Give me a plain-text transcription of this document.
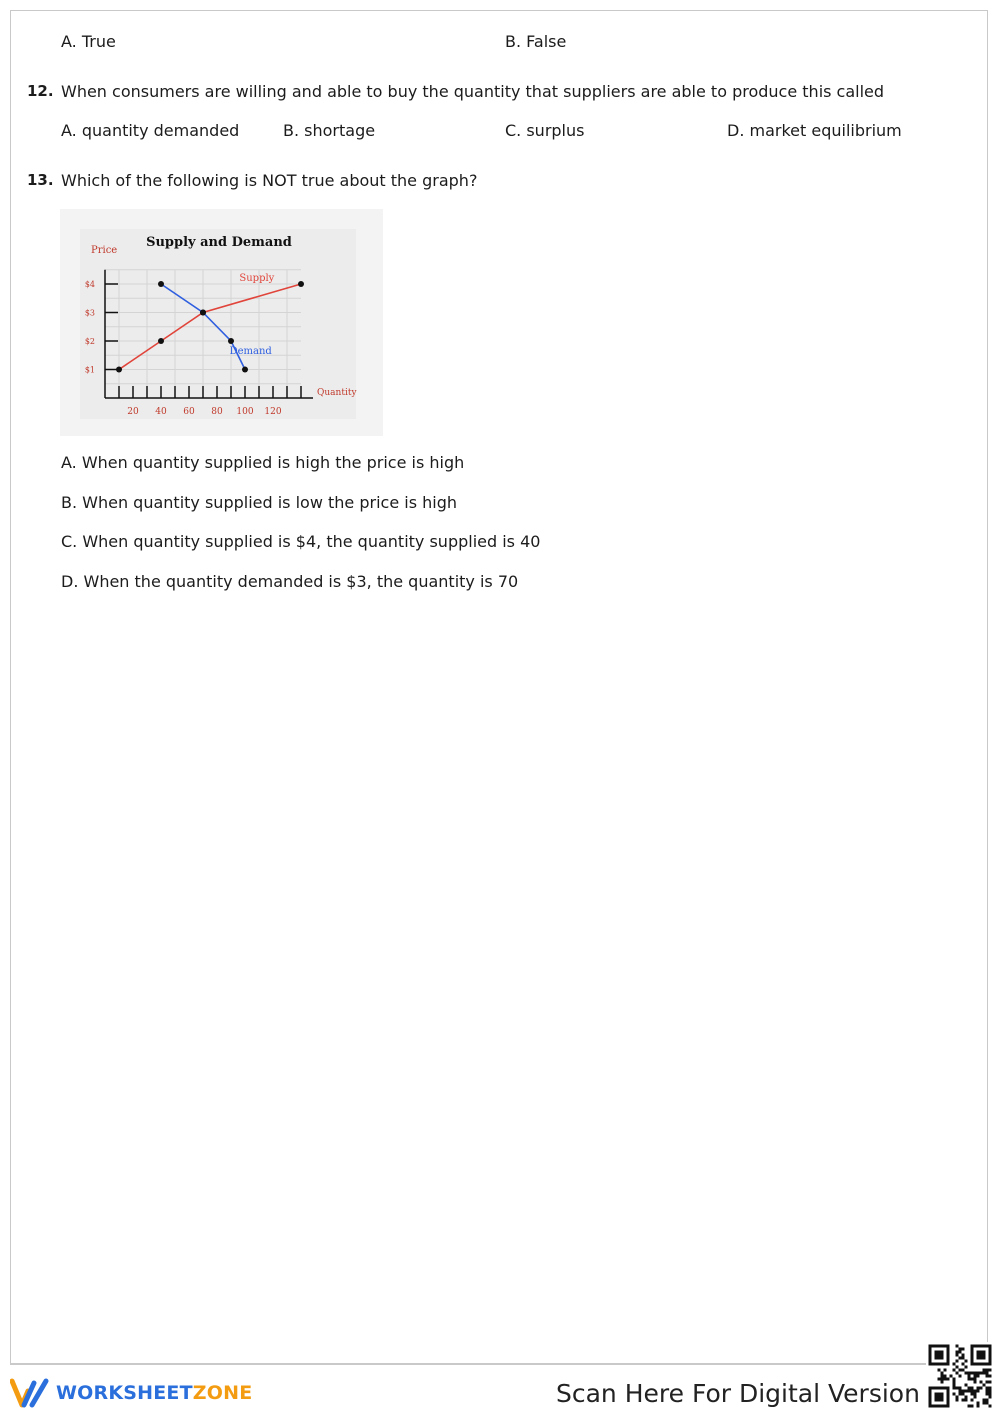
A. True	B. False
12. When consumers are willing and able to buy the quantity that suppliers are able to produce this called
A. quantity demanded	B. shortage	C. surplus	D. market equilibrium
13. Which of the following is NOT true about the graph?
Supply and Demand
Price
$1
$2
$3
$4
20 40 60 80 100 120
Quantity
Supply
Demand
A. When quantity supplied is high the price is high
B. When quantity supplied is low the price is high
C. When quantity supplied is $4, the quantity supplied is 40
D. When the quantity demanded is $3, the quantity is 70
WORKSHEETZONE	Scan Here For Digital Version
